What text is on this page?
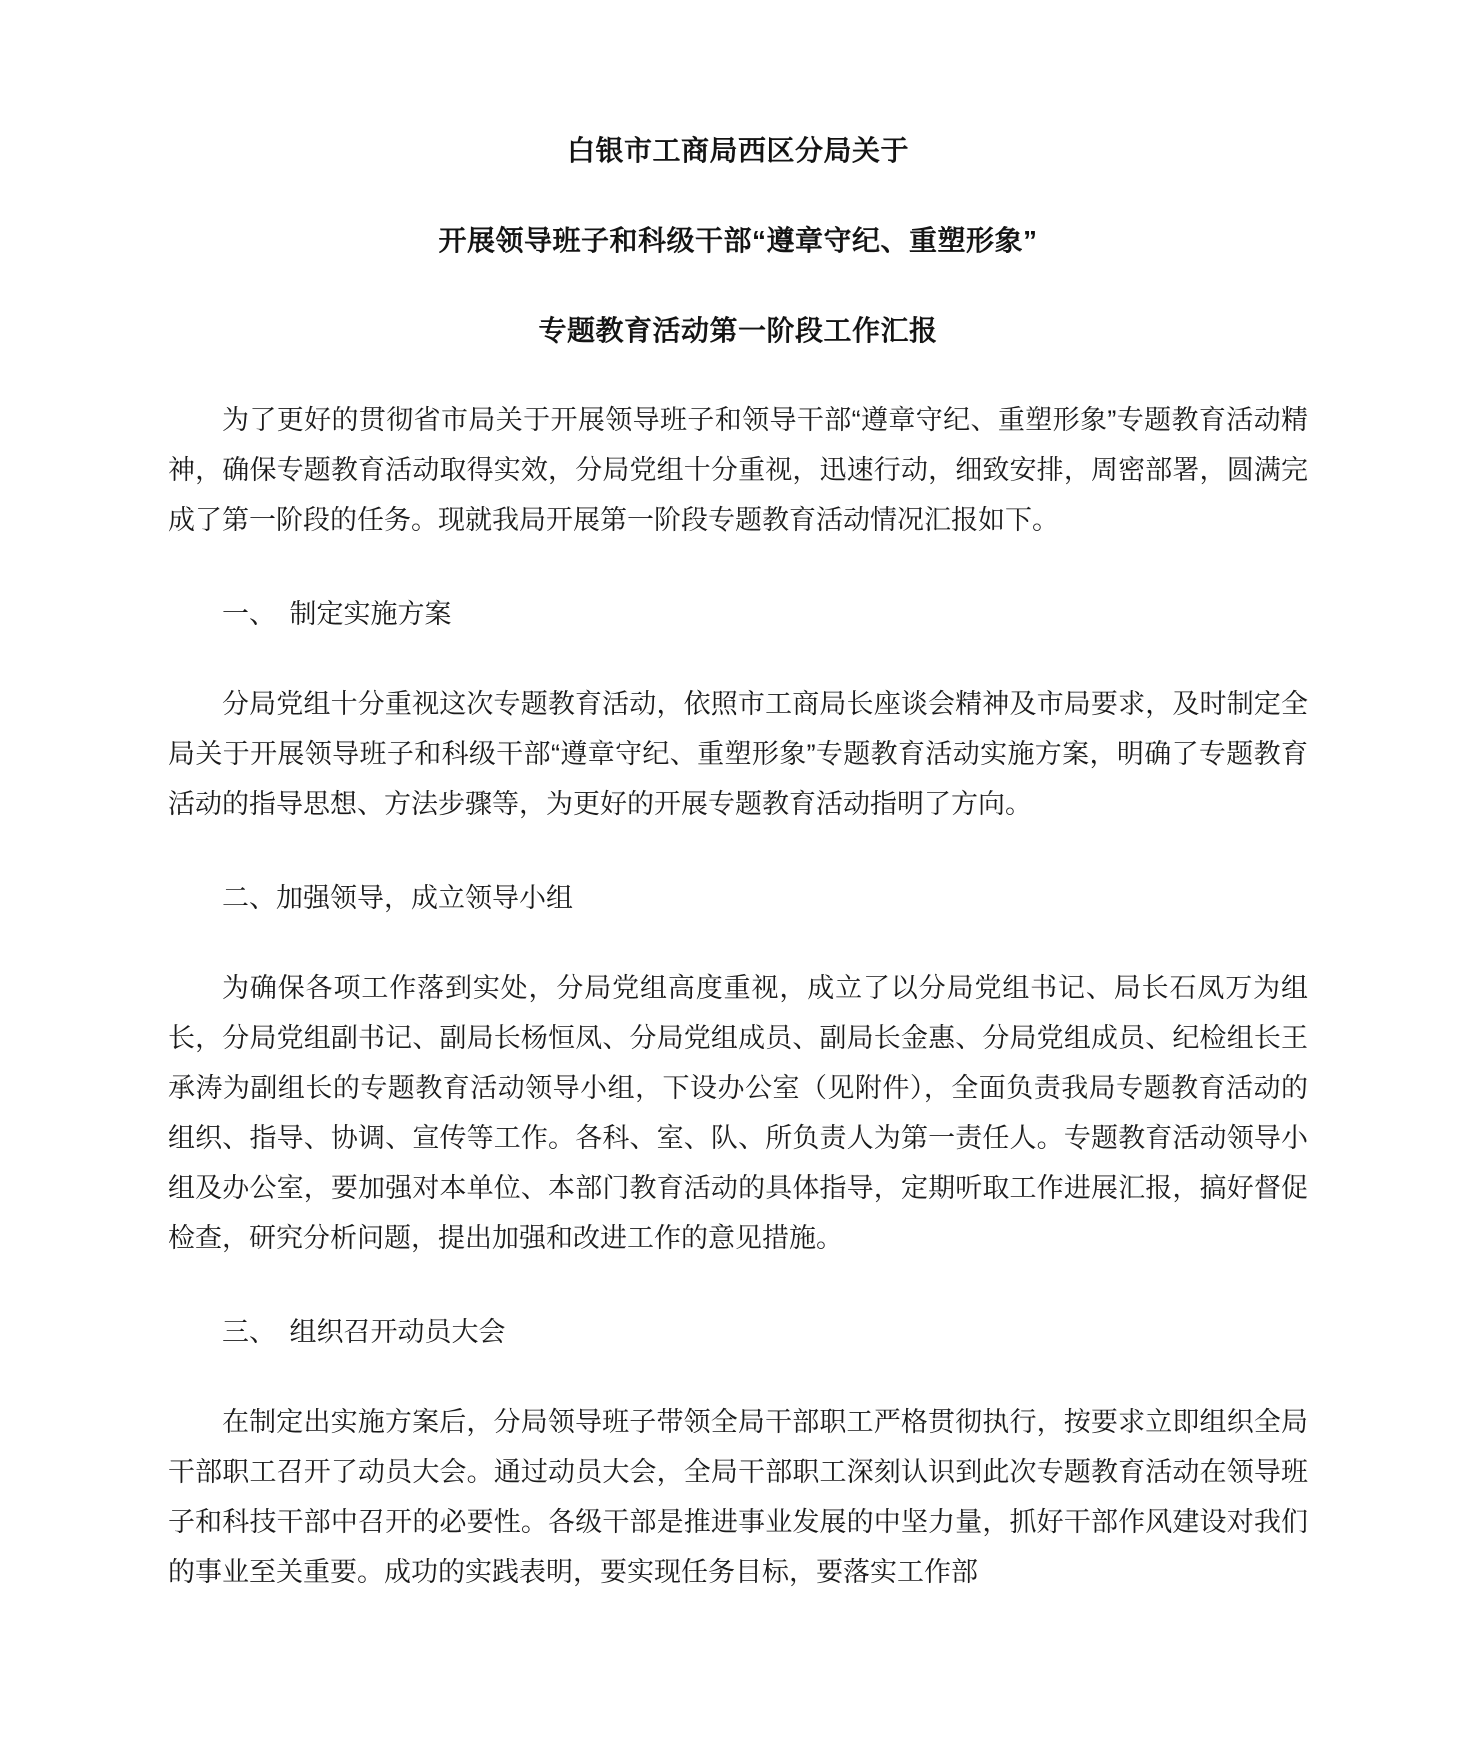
白银市工商局西区分局关于
开展领导班子和科级干部“遵章守纪、重塑形象”
专题教育活动第一阶段工作汇报

为了更好的贯彻省市局关于开展领导班子和领导干部“遵章守纪、重塑形象”专题教育活动精神，确保专题教育活动取得实效，分局党组十分重视，迅速行动，细致安排，周密部署，圆满完成了第一阶段的任务。现就我局开展第一阶段专题教育活动情况汇报如下。

一、　制定实施方案

分局党组十分重视这次专题教育活动，依照市工商局长座谈会精神及市局要求，及时制定全局关于开展领导班子和科级干部“遵章守纪、重塑形象”专题教育活动实施方案，明确了专题教育活动的指导思想、方法步骤等，为更好的开展专题教育活动指明了方向。

二、加强领导，成立领导小组

为确保各项工作落到实处，分局党组高度重视，成立了以分局党组书记、局长石凤万为组长，分局党组副书记、副局长杨恒凤、分局党组成员、副局长金惠、分局党组成员、纪检组长王承涛为副组长的专题教育活动领导小组，下设办公室（见附件），全面负责我局专题教育活动的组织、指导、协调、宣传等工作。各科、室、队、所负责人为第一责任人。专题教育活动领导小组及办公室，要加强对本单位、本部门教育活动的具体指导，定期听取工作进展汇报，搞好督促检查，研究分析问题，提出加强和改进工作的意见措施。

三、　组织召开动员大会

在制定出实施方案后，分局领导班子带领全局干部职工严格贯彻执行，按要求立即组织全局干部职工召开了动员大会。通过动员大会，全局干部职工深刻认识到此次专题教育活动在领导班子和科技干部中召开的必要性。各级干部是推进事业发展的中坚力量，抓好干部作风建设对我们的事业至关重要。成功的实践表明，要实现任务目标，要落实工作部
